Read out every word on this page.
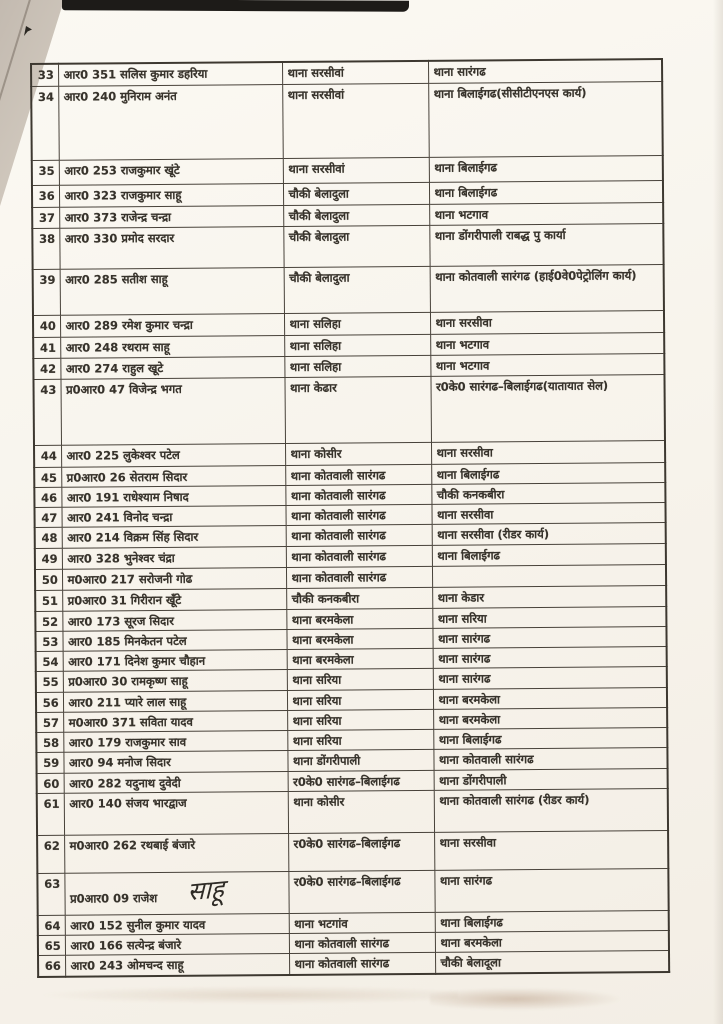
33	आर0 351 सलिस कुमार डहरिया	थाना सरसीवां	थाना सारंगढ
34	आर0 240 मुनिराम अनंत	थाना सरसीवां	थाना बिलाईगढ(सीसीटीएनएस कार्य)
35	आर0 253 राजकुमार खूंटे	थाना सरसीवां	थाना बिलाईगढ
36	आर0 323 राजकुमार साहू	चौकी बेलादुला	थाना बिलाईगढ
37	आर0 373 राजेन्द्र चन्द्रा	चौकी बेलादुला	थाना भटगाव
38	आर0 330 प्रमोद सरदार	चौकी बेलादुला	थाना डोंगरीपाली राबद्ध पु कार्या
39	आर0 285 सतीश साहू	चौकी बेलादुला	थाना कोतवाली सारंगढ (हाई0वे0पेट्रोलिंग कार्य)
40	आर0 289 रमेश कुमार चन्द्रा	थाना सलिहा	थाना सरसीवा
41	आर0 248 रथराम साहू	थाना सलिहा	थाना भटगाव
42	आर0 274 राहुल खूटे	थाना सलिहा	थाना भटगाव
43	प्र0आर0 47 विजेन्द्र भगत	थाना केढार	र0के0 सारंगढ–बिलाईगढ(यातायात सेल)
44	आर0 225 लुकेश्वर पटेल	थाना कोसीर	थाना सरसीवा
45	प्र0आर0 26 सेतराम सिदार	थाना कोतवाली सारंगढ	थाना बिलाईगढ
46	आर0 191 राधेश्याम निषाद	थाना कोतवाली सारंगढ	चौकी कनकबीरा
47	आर0 241 विनोद चन्द्रा	थाना कोतवाली सारंगढ	थाना सरसीवा
48	आर0 214 विक्रम सिंह सिदार	थाना कोतवाली सारंगढ	थाना सरसीवा (रीडर कार्य)
49	आर0 328 भुनेश्वर चंद्रा	थाना कोतवाली सारंगढ	थाना बिलाईगढ
50	म0आर0 217 सरोजनी गोढ	थाना कोतवाली सारंगढ	
51	प्र0आर0 31 गिरीरान खूँटे	चौकी कनकबीरा	थाना केडार
52	आर0 173 सूरज सिदार	थाना बरमकेला	थाना सरिया
53	आर0 185 मिनकेतन पटेल	थाना बरमकेला	थाना सारंगढ
54	आर0 171 दिनेश कुमार चौहान	थाना बरमकेला	थाना सारंगढ
55	प्र0आर0 30 रामकृष्ण साहू	थाना सरिया	थाना सारंगढ
56	आर0 211 प्यारे लाल साहू	थाना सरिया	थाना बरमकेला
57	म0आर0 371 सविता यादव	थाना सरिया	थाना बरमकेला
58	आर0 179 राजकुमार साव	थाना सरिया	थाना बिलाईगढ
59	आर0 94 मनोज सिदार	थाना डोंगरीपाली	थाना कोतवाली सारंगढ
60	आर0 282 यदुनाथ दुवेदी	र0के0 सारंगढ–बिलाईगढ	थाना डोंगरीपाली
61	आर0 140 संजय भारद्वाज	थाना कोसीर	थाना कोतवाली सारंगढ (रीडर कार्य)
62	म0आर0 262 रथबाई बंजारे	र0के0 सारंगढ–बिलाईगढ	थाना सरसीवा
63	प्र0आर0 09 राजेश साहू	र0के0 सारंगढ–बिलाईगढ	थाना सारंगढ
64	आर0 152 सुनील कुमार यादव	थाना भटगांव	थाना बिलाईगढ
65	आर0 166 सत्येन्द्र बंजारे	थाना कोतवाली सारंगढ	थाना बरमकेला
66	आर0 243 ओमचन्द साहू	थाना कोतवाली सारंगढ	चौकी बेलादूला
